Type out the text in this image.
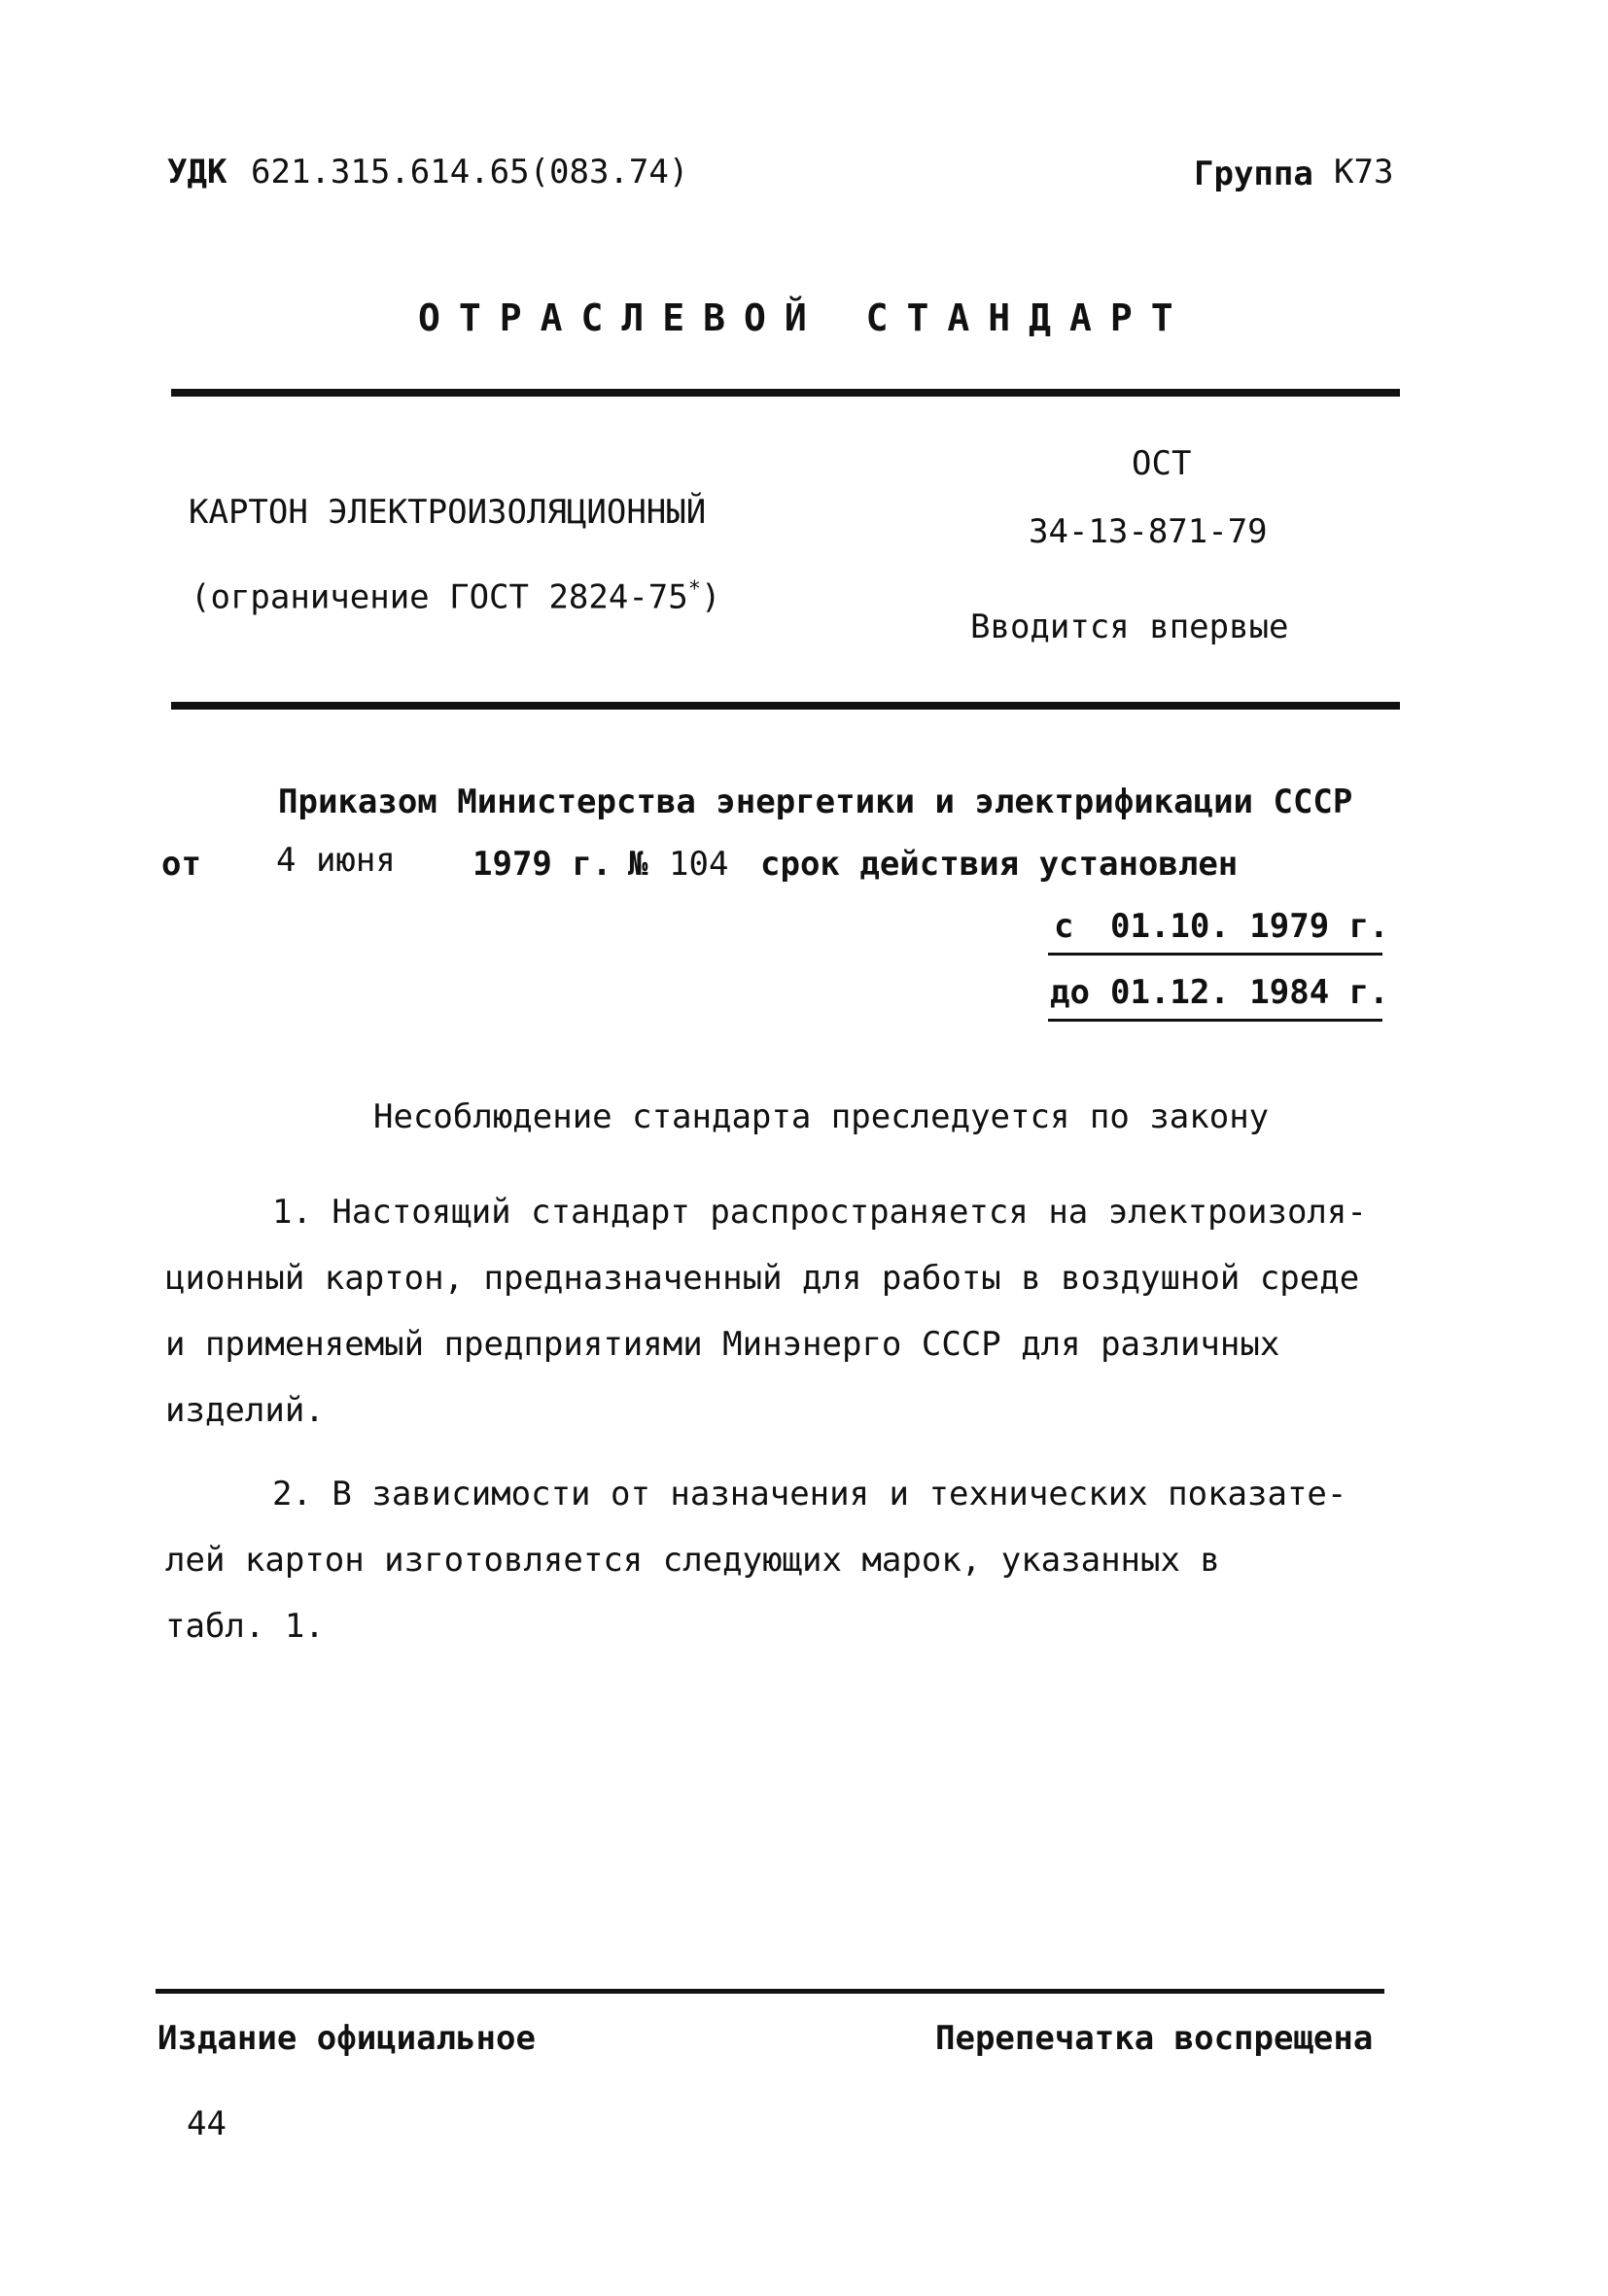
УДК 621.315.614.65(083.74)	Группа К73
ОТРАСЛЕВОЙ СТАНДАРТ
КАРТОН ЭЛЕКТРОИЗОЛЯЦИОННЫЙ
(ограничение ГОСТ 2824-75*)
ОСТ
34-13-871-79
Вводится впервые
Приказом Министерства энергетики и электрификации СССР
от 4 июня 1979 г. № 104 срок действия установлен
с 01.10. 1979 г.
до 01.12. 1984 г.
Несоблюдение стандарта преследуется по закону
1. Настоящий стандарт распространяется на электроизоля-
ционный картон, предназначенный для работы в воздушной среде
и применяемый предприятиями Минэнерго СССР для различных
изделий.
2. В зависимости от назначения и технических показате-
лей картон изготовляется следующих марок, указанных в
табл. 1.
Издание официальное	Перепечатка воспрещена
44
